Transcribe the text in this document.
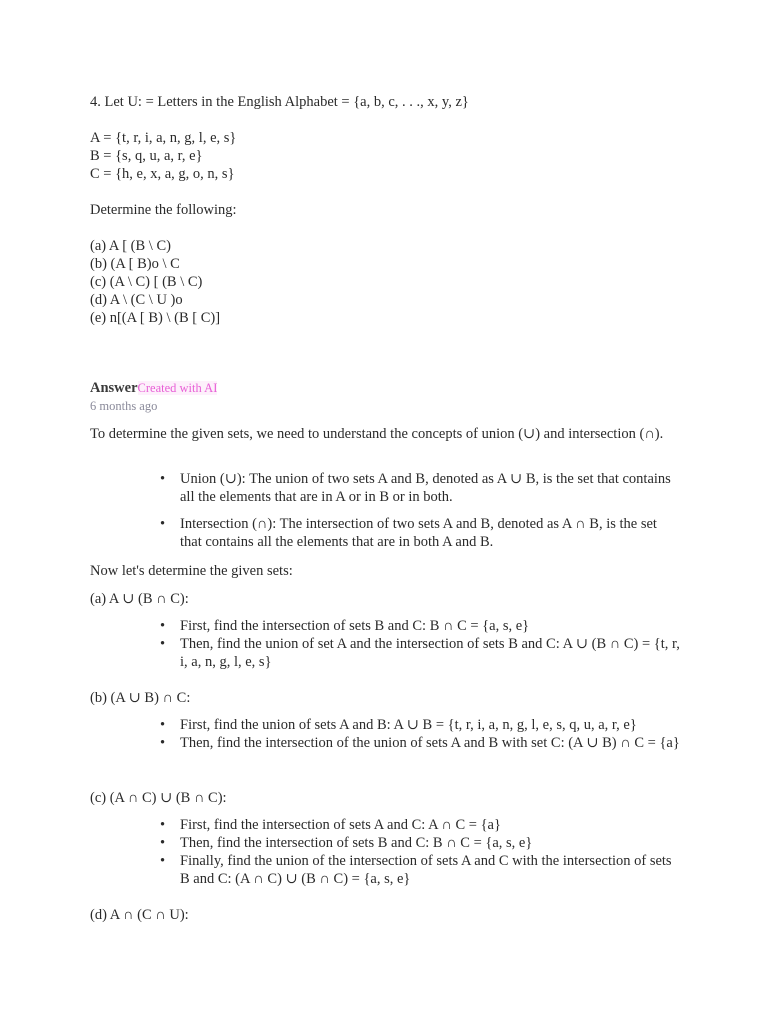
4. Let U: = Letters in the English Alphabet = {a, b, c, . . ., x, y, z}
A = {t, r, i, a, n, g, l, e, s}
B = {s, q, u, a, r, e}
C = {h, e, x, a, g, o, n, s}
Determine the following:
(a) A [ (B \ C)
(b) (A [ B)o \ C
(c) (A \ C) [ (B \ C)
(d) A \ (C \ U )o
(e) n[(A [ B) \ (B [ C)]
AnswerCreated with AI
6 months ago
To determine the given sets, we need to understand the concepts of union (∪) and intersection (∩).
• Union (∪): The union of two sets A and B, denoted as A ∪ B, is the set that contains all the elements that are in A or in B or in both.
• Intersection (∩): The intersection of two sets A and B, denoted as A ∩ B, is the set that contains all the elements that are in both A and B.
Now let's determine the given sets:
(a) A ∪ (B ∩ C):
• First, find the intersection of sets B and C: B ∩ C = {a, s, e}
• Then, find the union of set A and the intersection of sets B and C: A ∪ (B ∩ C) = {t, r, i, a, n, g, l, e, s}
(b) (A ∪ B) ∩ C:
• First, find the union of sets A and B: A ∪ B = {t, r, i, a, n, g, l, e, s, q, u, a, r, e}
• Then, find the intersection of the union of sets A and B with set C: (A ∪ B) ∩ C = {a}
(c) (A ∩ C) ∪ (B ∩ C):
• First, find the intersection of sets A and C: A ∩ C = {a}
• Then, find the intersection of sets B and C: B ∩ C = {a, s, e}
• Finally, find the union of the intersection of sets A and C with the intersection of sets B and C: (A ∩ C) ∪ (B ∩ C) = {a, s, e}
(d) A ∩ (C ∩ U):
